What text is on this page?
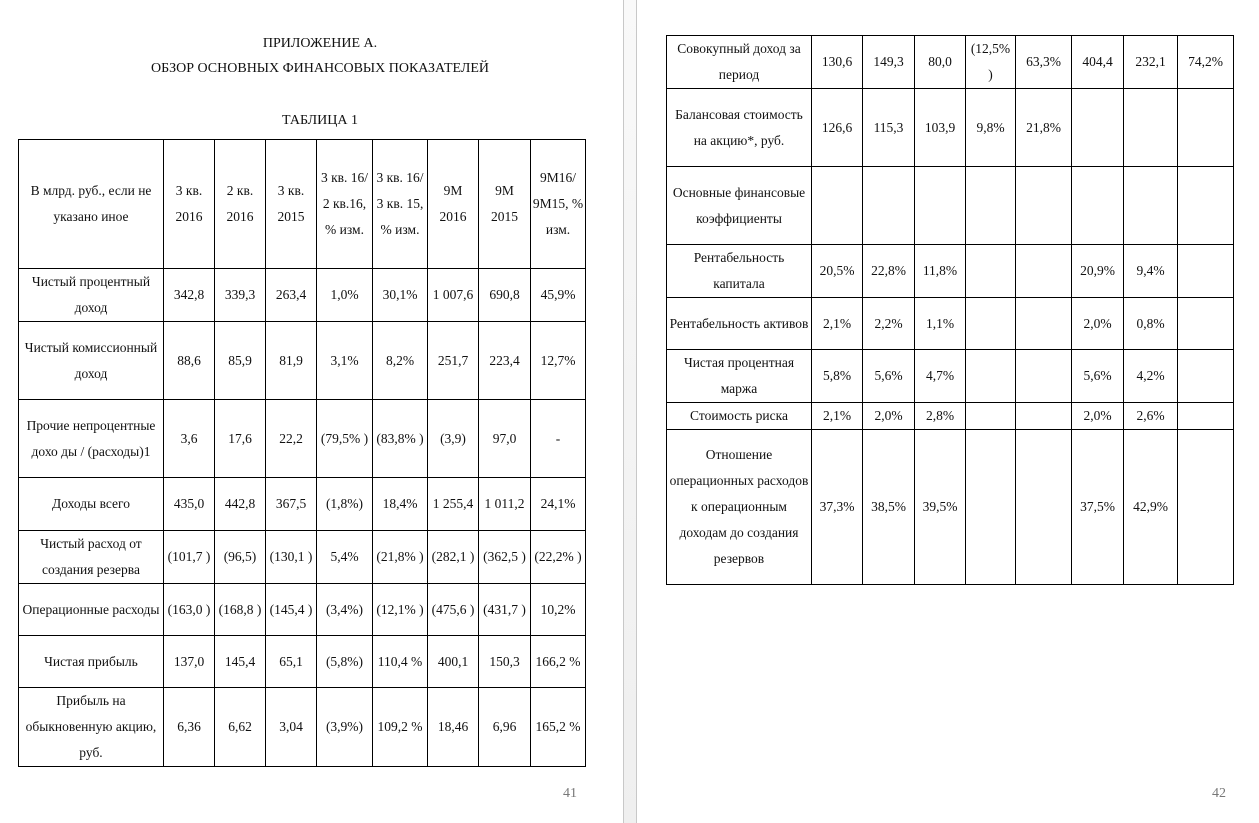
ПРИЛОЖЕНИЕ А.
ОБЗОР ОСНОВНЫХ ФИНАНСОВЫХ ПОКАЗАТЕЛЕЙ
ТАБЛИЦА 1
В млрд. руб., если не указано иное	3 кв. 2016	2 кв. 2016	3 кв. 2015	3 кв. 16/ 2 кв.16, % изм.	3 кв. 16/ 3 кв. 15, % изм.	9М 2016	9М 2015	9М16/ 9М15, % изм.
Чистый процентный доход	342,8	339,3	263,4	1,0%	30,1%	1 007,6	690,8	45,9%
Чистый комиссионный доход	88,6	85,9	81,9	3,1%	8,2%	251,7	223,4	12,7%
Прочие непроцентные дохо ды / (расходы)1	3,6	17,6	22,2	(79,5% )	(83,8% )	(3,9)	97,0	-
Доходы всего	435,0	442,8	367,5	(1,8%)	18,4%	1 255,4	1 011,2	24,1%
Чистый расход от создания резерва	(101,7 )	(96,5)	(130,1 )	5,4%	(21,8% )	(282,1 )	(362,5 )	(22,2% )
Операционные расходы	(163,0 )	(168,8 )	(145,4 )	(3,4%)	(12,1% )	(475,6 )	(431,7 )	10,2%
Чистая прибыль	137,0	145,4	65,1	(5,8%)	110,4 %	400,1	150,3	166,2 %
Прибыль на обыкновенную акцию, руб.	6,36	6,62	3,04	(3,9%)	109,2 %	18,46	6,96	165,2 %
41
Совокупный доход за период	130,6	149,3	80,0	(12,5% )	63,3%	404,4	232,1	74,2%
Балансовая стоимость на акцию*, руб.	126,6	115,3	103,9	9,8%	21,8%			
Основные финансовые коэффициенты								
Рентабельность капитала	20,5%	22,8%	11,8%			20,9%	9,4%	
Рентабельность активов	2,1%	2,2%	1,1%			2,0%	0,8%	
Чистая процентная маржа	5,8%	5,6%	4,7%			5,6%	4,2%	
Стоимость риска	2,1%	2,0%	2,8%			2,0%	2,6%	
Отношение операционных расходов к операционным доходам до создания резервов	37,3%	38,5%	39,5%			37,5%	42,9%	
42
